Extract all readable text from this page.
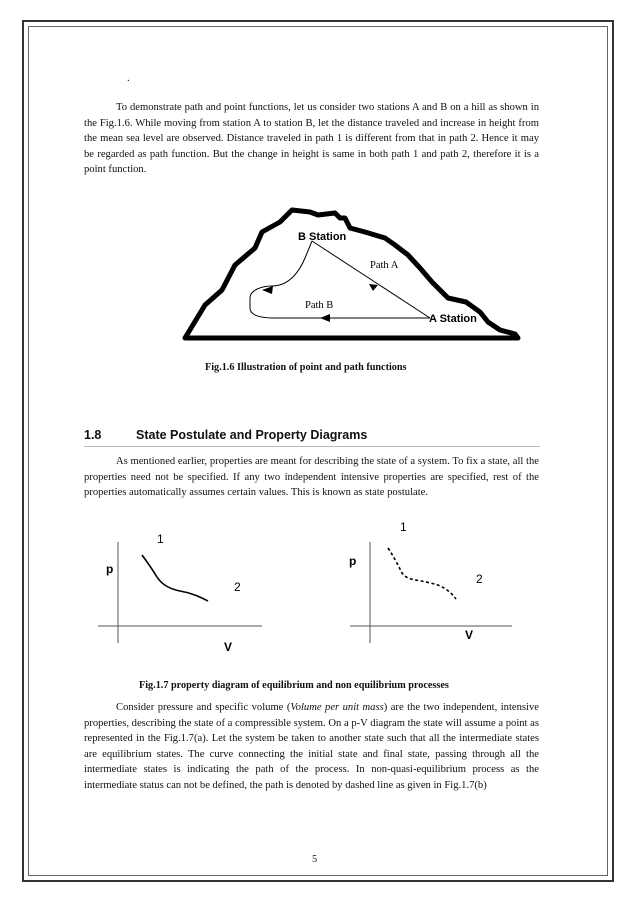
.

To demonstrate path and point functions, let us consider two stations A and B on a hill as shown in the Fig.1.6. While moving from station A to station B, let the distance traveled and increase in height from the mean sea level are observed. Distance traveled in path 1 is different from that in path 2. Hence it may be regarded as path function. But the change in height is same in both path 1 and path 2, therefore it is a point function.

B Station
A Station
Path A
Path B
Fig.1.6 Illustration of point and path functions
1.8	State Postulate and Property Diagrams

As mentioned earlier, properties are meant for describing the state of a system. To fix a state, all the properties need not be specified. If any two independent intensive properties are specified, rest of the properties automatically assumes certain values. This is known as state postulate.

1
2
p
V
1
2
p
V
Fig.1.7 property diagram of equilibrium and non equilibrium processes

Consider pressure and specific volume (Volume per unit mass) are the two independent, intensive properties, describing the state of a compressible system. On a p-V diagram the state will assume a point as represented in the Fig.1.7(a). Let the system be taken to another state such that all the intermediate states are equilibrium states. The curve connecting the initial state and final state, passing through all the intermediate states is indicating the path of the process. In non-quasi-equilibrium process as the intermediate status can not be defined, the path is denoted by dashed line as given in Fig.1.7(b)

5
